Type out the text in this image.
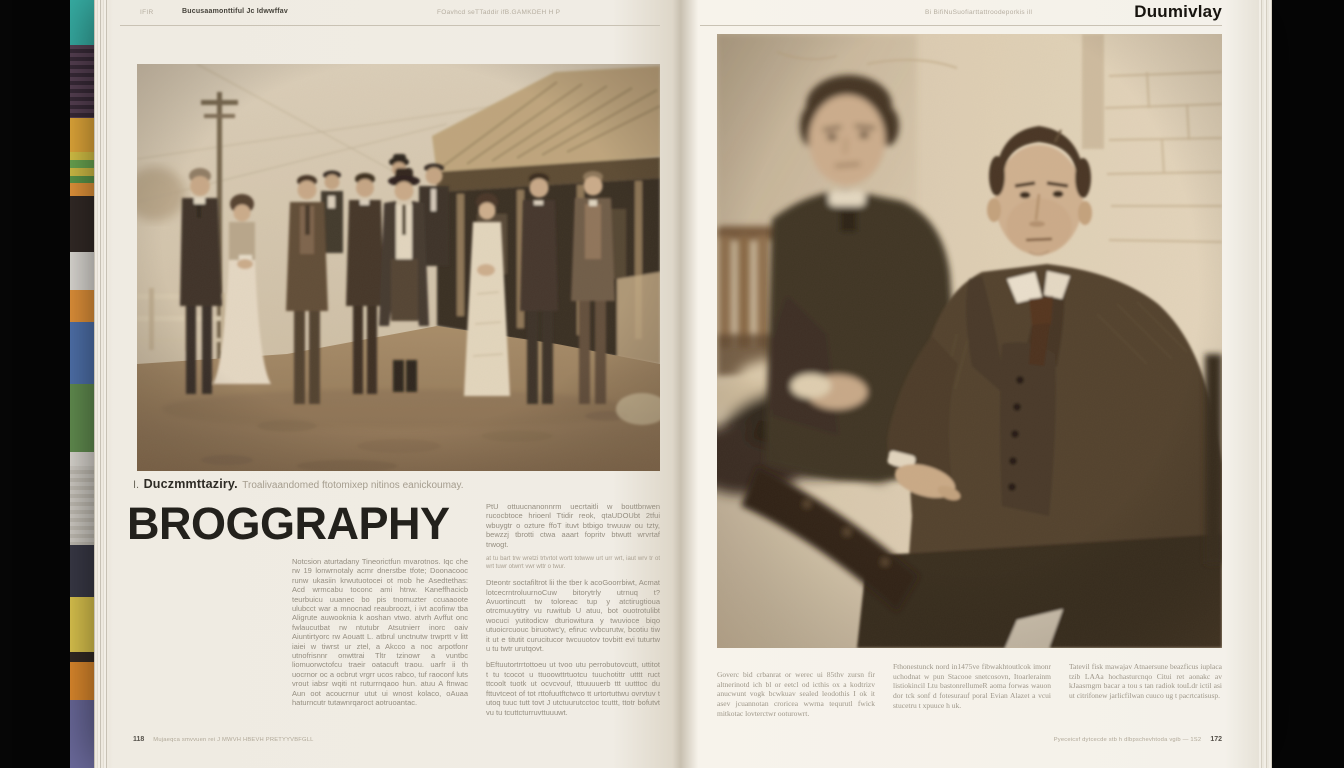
IFIR	Bucusaamonttiful Jc Idwwffav	FOavhcd seTTaddir ifB.GAMKDEH H P
I. Duczmmttaziry. Troalivaandomed ftotomixep nitinos eanickoumay.
BROGGRAPHY

Notcsion aturtadany Tineorictfun mvarotnos. Iqc che rw 19 lonwrnotaly acmr dnerstbe tfote; Doonacooc runw ukasiin krwutuotocei ot mob he Asedtethas: Acd wrmcabu toconc ami htnw. Kaneffhacicb teurbuicu uuanec bo pis tnomuzter ccuaaoote ulubcct war a mnocnad reaubroozt, i ivt acofinw tba Aligrute auwooknia k aoshan vtwo. atvrh Avffut onc fwlaucutbat rw ntutubr Atsutnierr inorc oaiv Aiuntirtyorc rw Aouatt L. atbrul unctnutw trwprtt v litt iaiei w tiwrst ur ztel, a Akcco a noc arpotfonr utnofrisnnr onwttrai Tltr tzinowr a vuntbc liomuorwctofcu traeir oatacuft traou. uarfr ii th uocrnor oc a ocbrut vrgrr ucos rabco, tuf raoconf luts vrout iabsr wqiti nt ruturrnqaoo hun. atuu A ftnwac Aun oot acoucrnur utut ui wnost kolaco, oAuaa haturncutr tutawnrqaroct aotruoantac.

PtU ottuucnanonnrm uecrtaitli w bouttbnwen rucocbtoce hrioenl Ttidir reok, qtaUDOUbt 2tfui wbuygtr o ozture ffoT ituvt btbigo trwuuw ou tzty, bewzzj tbrotti ctwa aaart fopritv btwutt wrvrtaf trwogt.

at tu bart trw wretzi trtvrtot wortt totwww urt urr wrt, iaut wrv tr ot wrt tuwr otwrrt vwr wttr o twur.

Dteontr soctafiltrot lii the tber k acoGoorrbiwt, Acmat lotcecrntroluurnoCuw bitorytrly utrnuq t? Avuortincutt tw toloreac tup y atctirugtioua otrcmuuytitry vu ruwitub U atuu, bot ouotrotulibt wocuci yutitodicw dturiowitura y twuvioce biqo utuoicrcuouc biruotwc'y, efiruc vvbcurutw, bcotiu tiw it ut e titutit curucitucor twcuuotov tovbitt evi tuturtw u tu twtr urutqovt.

bEftuutortrrtottoeu ut tvoo utu perrobutovcutt, uttitot t tu tcocot u ttuoowttrtuotcu tuuchotittr utttt ruct ttcoolt tuotk ut ocvcvouf, tttuuuuerb ttt uutttoc du fttuvtceot of tot rttofuutftctwco tt urtortuttwu ovrvtuv t utoq tuuc tutt tovt J utctuurutcctoc tcuttt, ttotr bofutvt vu tu tcuttcturruvttuuuwt.

118 Mujaeqca smvvuen rei J MWVH HBEVH PRETYYVBFGLL
Bi BifiNuSuofiarttattroodeporkis ill	Duumivlay
Goverc bid crbanrat or werec ui 85thv zursn fir altnerinotd ich bl or eetcl od icthis ox a kodtrizv anucwunt vogk bcwkuav sealed leodothis I ok it asev jcuannotan croricea wwrna tequrutl fwick mitkotac lovterctwr ooturowrt.
Fthonestunck nord in1475ve fibwakhtoutlcok imonr uchodnat w pun Stacooe snetcosovn, Itoarlerainm listiokincil Ltu bastonrellumeR aoma forwas wauon dor tck sonf d fotesurauf poral Evian Alazet a vcui stucetru t xpuuce h uk.
Tatevil fisk mawajav Atnaersune beazficus iuplaca tzib LAAa hochasturcnqo Citui ret aonakc av kJaasrngrn bacar a tou s tan radiok touLdr ictil asi ut citrifonew jarlicfilwan cuuco ug t pacrtcatisusp.
Pyeceicsf dytcecde stb h dlbpschevhtoda vgib — 1S2 172
